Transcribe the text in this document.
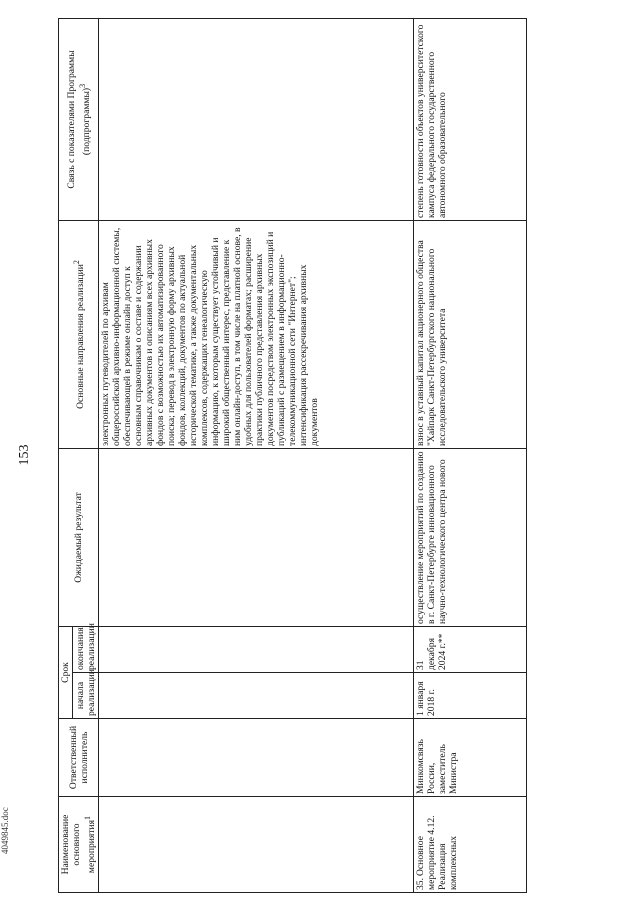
153
4049845.doc	Наименование основного мероприятия$^1$	Ответственный исполнитель	Срок		Ожидаемый результат	Основные направления реализации$^2$	Связь с показателями Программы (подпрограммы)$^3$
		начала реализации	окончания реализации			
					электронных путеводителей по архивам общероссийской архивно-информационной системы, обеспечивающей в режиме онлайн доступ к основным справочникам о составе и содержании архивных документов и описаниям всех архивных фондов с возможностью их автоматизированного поиска; перевод в электронную форму архивных фондов, коллекций, документов по актуальной исторической тематике, а также документальных комплексов, содержащих генеалогическую информацию, к которым существует устойчивый и широкий общественный интерес, представление к ним онлайн-доступ, в том числе на платной основе, в удобных для пользователей форматах; расширение практики публичного представления архивных документов посредством электронных экспозиций и публикаций с размещением в информационно-телекоммуникационной сети "Интернет"; интенсификация рассекречивания архивных документов	
35.Основное мероприятие 4.12. Реализация комплексных	Минкомсвязь России, заместитель Министра	1 января 2018 г.	31 декабря 2024 г.**	осуществление мероприятий по созданию в г. Санкт-Петербурге инновационного научно-технологического центра нового	взнос в уставный капитал акционерного общества "Хайпарк Санкт-Петербургского национального исследовательского университета	степень готовности объектов университетского кампуса федерального государственного автономного образовательного
